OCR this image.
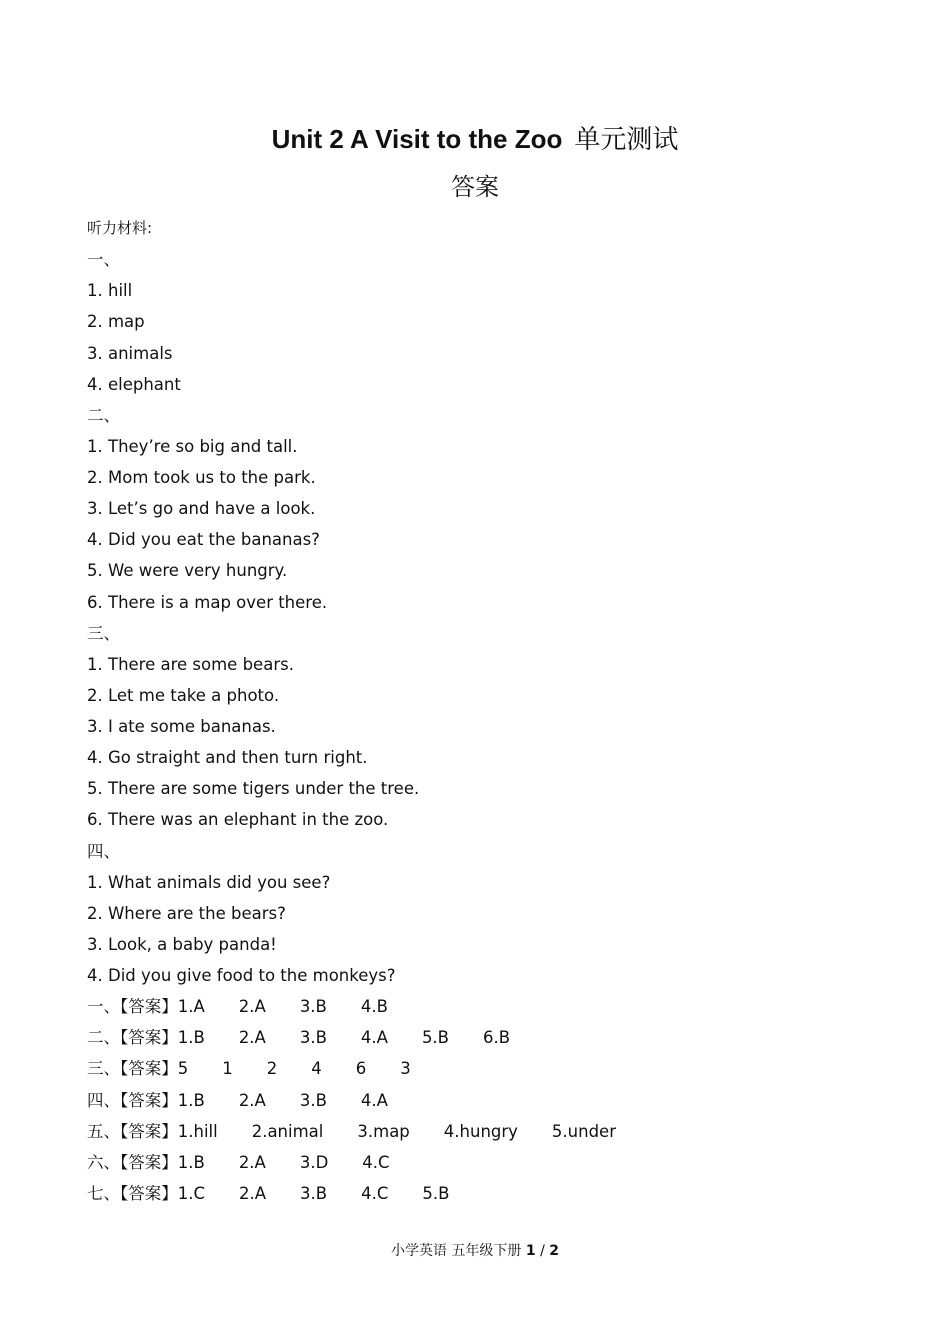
Unit 2 A Visit to the Zoo 单元测试
答案
听力材料:
一、
1. hill
2. map
3. animals
4. elephant
二、
1. They’re so big and tall.
2. Mom took us to the park.
3. Let’s go and have a look.
4. Did you eat the bananas?
5. We were very hungry.
6. There is a map over there.
三、
1. There are some bears.
2. Let me take a photo.
3. I ate some bananas.
4. Go straight and then turn right.
5. There are some tigers under the tree.
6. There was an elephant in the zoo.
四、
1. What animals did you see?
2. Where are the bears?
3. Look, a baby panda!
4. Did you give food to the monkeys?
一、【答案】1.A 2.A 3.B 4.B
二、【答案】1.B 2.A 3.B 4.A 5.B 6.B
三、【答案】5 1 2 4 6 3
四、【答案】1.B 2.A 3.B 4.A
五、【答案】1.hill 2.animal 3.map 4.hungry 5.under
六、【答案】1.B 2.A 3.D 4.C
七、【答案】1.C 2.A 3.B 4.C 5.B
小学英语 五年级下册 1 / 2
